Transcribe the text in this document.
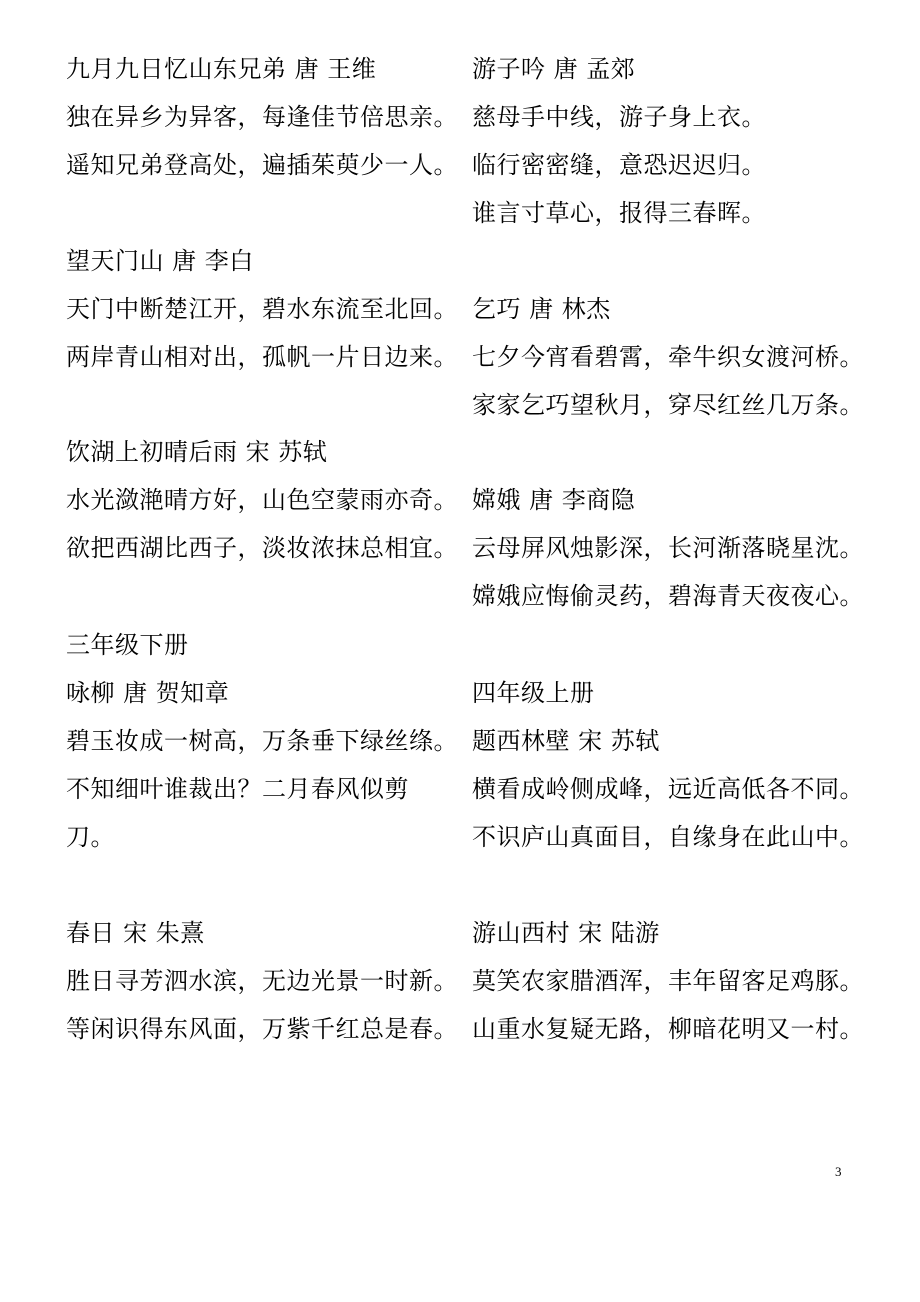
九月九日忆山东兄弟 唐 王维
独在异乡为异客，每逢佳节倍思亲。
遥知兄弟登高处，遍插茱萸少一人。
望天门山 唐 李白
天门中断楚江开，碧水东流至北回。
两岸青山相对出，孤帆一片日边来。
饮湖上初晴后雨 宋 苏轼
水光潋滟晴方好，山色空蒙雨亦奇。
欲把西湖比西子，淡妆浓抹总相宜。
三年级下册
咏柳 唐 贺知章
碧玉妆成一树高，万条垂下绿丝绦。
不知细叶谁裁出？二月春风似剪
刀。
春日 宋 朱熹
胜日寻芳泗水滨，无边光景一时新。
等闲识得东风面，万紫千红总是春。
游子吟 唐 孟郊
慈母手中线，游子身上衣。
临行密密缝，意恐迟迟归。
谁言寸草心，报得三春晖。
乞巧 唐 林杰
七夕今宵看碧霄，牵牛织女渡河桥。
家家乞巧望秋月，穿尽红丝几万条。
嫦娥 唐 李商隐
云母屏风烛影深，长河渐落晓星沈。
嫦娥应悔偷灵药，碧海青天夜夜心。
四年级上册
题西林壁 宋 苏轼
横看成岭侧成峰，远近高低各不同。
不识庐山真面目，自缘身在此山中。
游山西村 宋 陆游
莫笑农家腊酒浑，丰年留客足鸡豚。
山重水复疑无路，柳暗花明又一村。
3
